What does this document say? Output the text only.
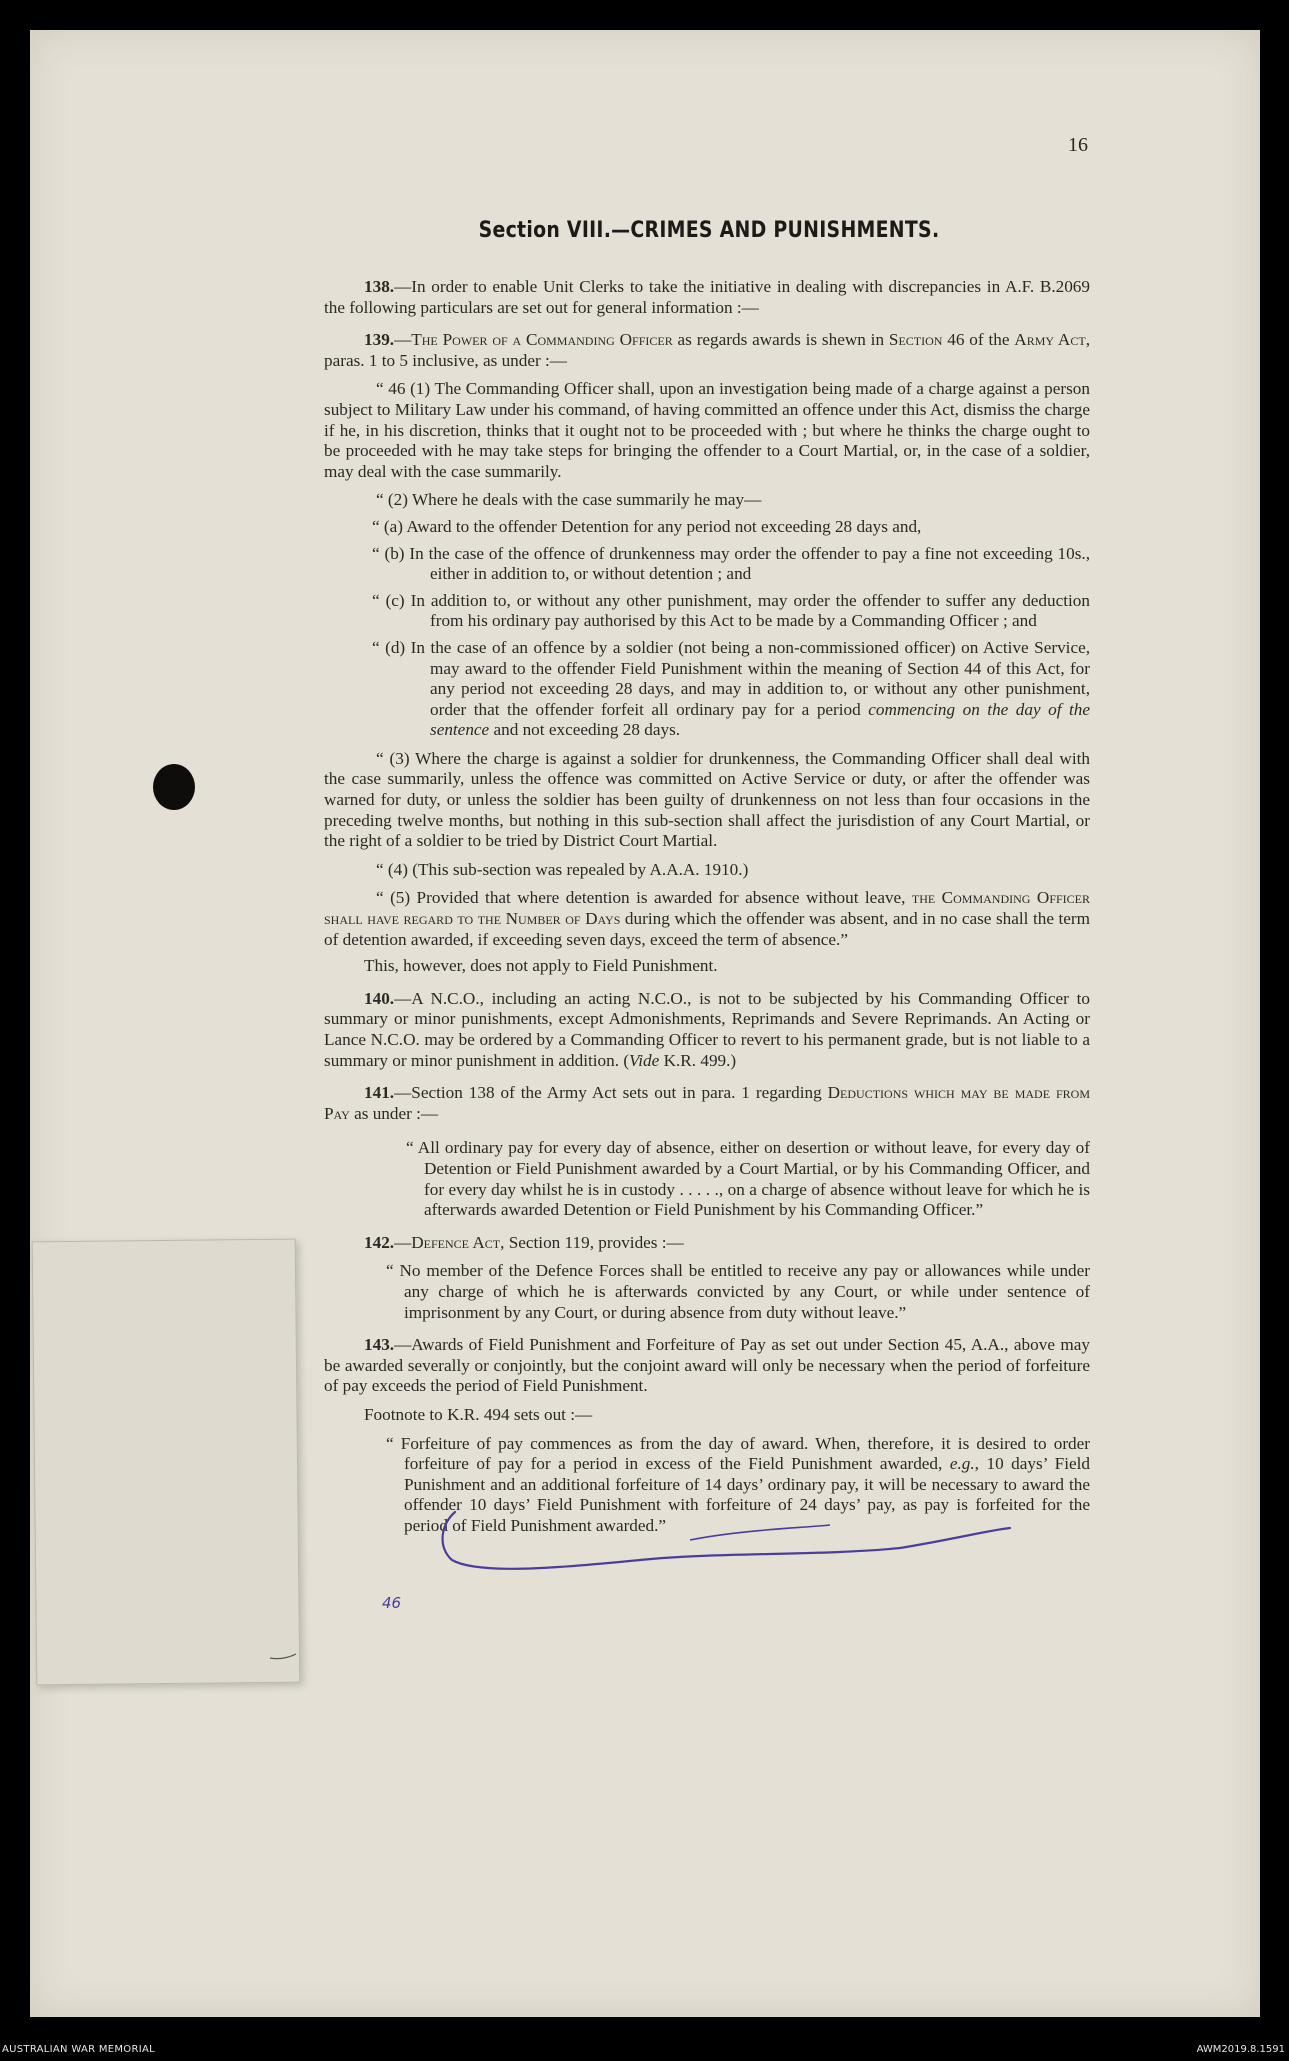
16
Section VIII.—CRIMES AND PUNISHMENTS.

138.—In order to enable Unit Clerks to take the initiative in dealing with discrepancies in A.F. B.2069 the following particulars are set out for general information :—

139.—The Power of a Commanding Officer as regards awards is shewn in Section 46 of the Army Act, paras. 1 to 5 inclusive, as under :—

“ 46 (1) The Commanding Officer shall, upon an investigation being made of a charge against a person subject to Military Law under his command, of having committed an offence under this Act, dismiss the charge if he, in his discretion, thinks that it ought not to be proceeded with ; but where he thinks the charge ought to be proceeded with he may take steps for bringing the offender to a Court Martial, or, in the case of a soldier, may deal with the case summarily.

“ (2) Where he deals with the case summarily he may—

“ (a) Award to the offender Detention for any period not exceeding 28 days and,

“ (b) In the case of the offence of drunkenness may order the offender to pay a fine not exceeding 10s., either in addition to, or without detention ; and

“ (c) In addition to, or without any other punishment, may order the offender to suffer any deduction from his ordinary pay authorised by this Act to be made by a Commanding Officer ; and

“ (d) In the case of an offence by a soldier (not being a non-commissioned officer) on Active Service, may award to the offender Field Punishment within the meaning of Section 44 of this Act, for any period not exceeding 28 days, and may in addition to, or without any other punishment, order that the offender forfeit all ordinary pay for a period commencing on the day of the sentence and not exceeding 28 days.

“ (3) Where the charge is against a soldier for drunkenness, the Commanding Officer shall deal with the case summarily, unless the offence was committed on Active Service or duty, or after the offender was warned for duty, or unless the soldier has been guilty of drunkenness on not less than four occasions in the preceding twelve months, but nothing in this sub-section shall affect the jurisdistion of any Court Martial, or the right of a soldier to be tried by District Court Martial.

“ (4) (This sub-section was repealed by A.A.A. 1910.)

“ (5) Provided that where detention is awarded for absence without leave, the Commanding Officer shall have regard to the Number of Days during which the offender was absent, and in no case shall the term of detention awarded, if exceeding seven days, exceed the term of absence.”

This, however, does not apply to Field Punishment.

140.—A N.C.O., including an acting N.C.O., is not to be subjected by his Commanding Officer to summary or minor punishments, except Admonishments, Reprimands and Severe Reprimands. An Acting or Lance N.C.O. may be ordered by a Commanding Officer to revert to his permanent grade, but is not liable to a summary or minor punishment in addition. (Vide K.R. 499.)

141.—Section 138 of the Army Act sets out in para. 1 regarding Deductions which may be made from Pay as under :—

“ All ordinary pay for every day of absence, either on desertion or without leave, for every day of Detention or Field Punishment awarded by a Court Martial, or by his Commanding Officer, and for every day whilst he is in custody . . . . ., on a charge of absence without leave for which he is afterwards awarded Detention or Field Punishment by his Commanding Officer.”

142.—Defence Act, Section 119, provides :—

“ No member of the Defence Forces shall be entitled to receive any pay or allowances while under any charge of which he is afterwards convicted by any Court, or while under sentence of imprisonment by any Court, or during absence from duty without leave.”

143.—Awards of Field Punishment and Forfeiture of Pay as set out under Section 45, A.A., above may be awarded severally or conjointly, but the conjoint award will only be necessary when the period of forfeiture of pay exceeds the period of Field Punishment.

Footnote to K.R. 494 sets out :—

“ Forfeiture of pay commences as from the day of award. When, therefore, it is desired to order forfeiture of pay for a period in excess of the Field Punishment awarded, e.g., 10 days’ Field Punishment and an additional forfeiture of 14 days’ ordinary pay, it will be necessary to award the offender 10 days’ Field Punishment with forfeiture of 24 days’ pay, as pay is forfeited for the period of Field Punishment awarded.”

46
AUSTRALIAN WAR MEMORIAL	AWM2019.8.1591
